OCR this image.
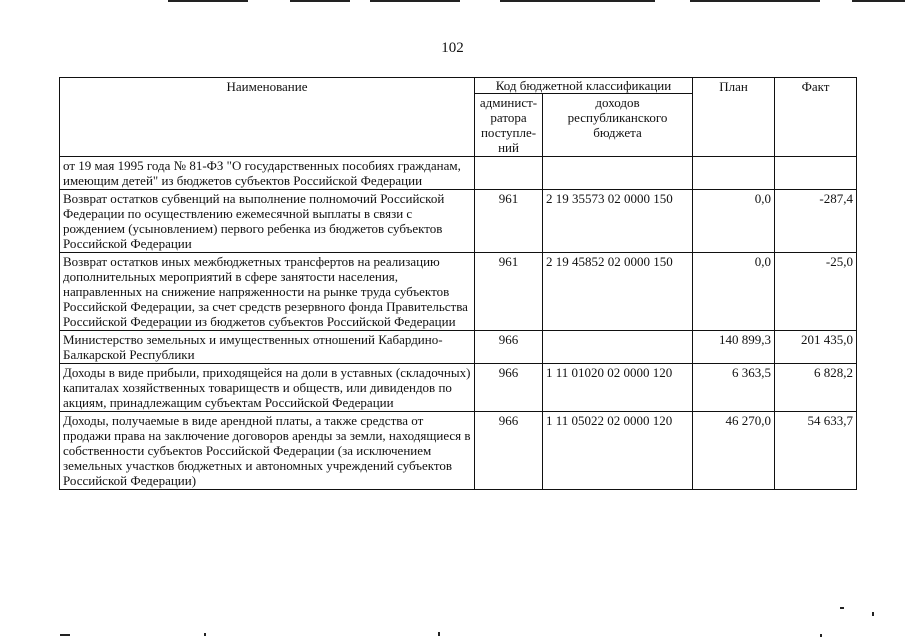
102
Наименование	Код бюджетной классификации		План	Факт
	админист-ратора поступле-ний	доходов республиканского бюджета		
от 19 мая 1995 года № 81-ФЗ "О государственных пособиях гражданам, имеющим детей" из бюджетов субъектов Российской Федерации				
Возврат остатков субвенций на выполнение полномочий Российской Федерации по осуществлению ежемесячной выплаты в связи с рождением (усыновлением) первого ребенка из бюджетов субъектов Российской Федерации	961	2 19 35573 02 0000 150	0,0	-287,4
Возврат остатков иных межбюджетных трансфертов на реализацию дополнительных мероприятий в сфере занятости населения, направленных на снижение напряженности на рынке труда субъектов Российской Федерации, за счет средств резервного фонда Правительства Российской Федерации из бюджетов субъектов Российской Федерации	961	2 19 45852 02 0000 150	0,0	-25,0
Министерство земельных и имущественных отношений Кабардино-Балкарской Республики	966		140 899,3	201 435,0
Доходы в виде прибыли, приходящейся на доли в уставных (складочных) капиталах хозяйственных товариществ и обществ, или дивидендов по акциям, принадлежащим субъектам Российской Федерации	966	1 11 01020 02 0000 120	6 363,5	6 828,2
Доходы, получаемые в виде арендной платы, а также средства от продажи права на заключение договоров аренды за земли, находящиеся в собственности субъектов Российской Федерации (за исключением земельных участков бюджетных и автономных учреждений субъектов Российской Федерации)	966	1 11 05022 02 0000 120	46 270,0	54 633,7
